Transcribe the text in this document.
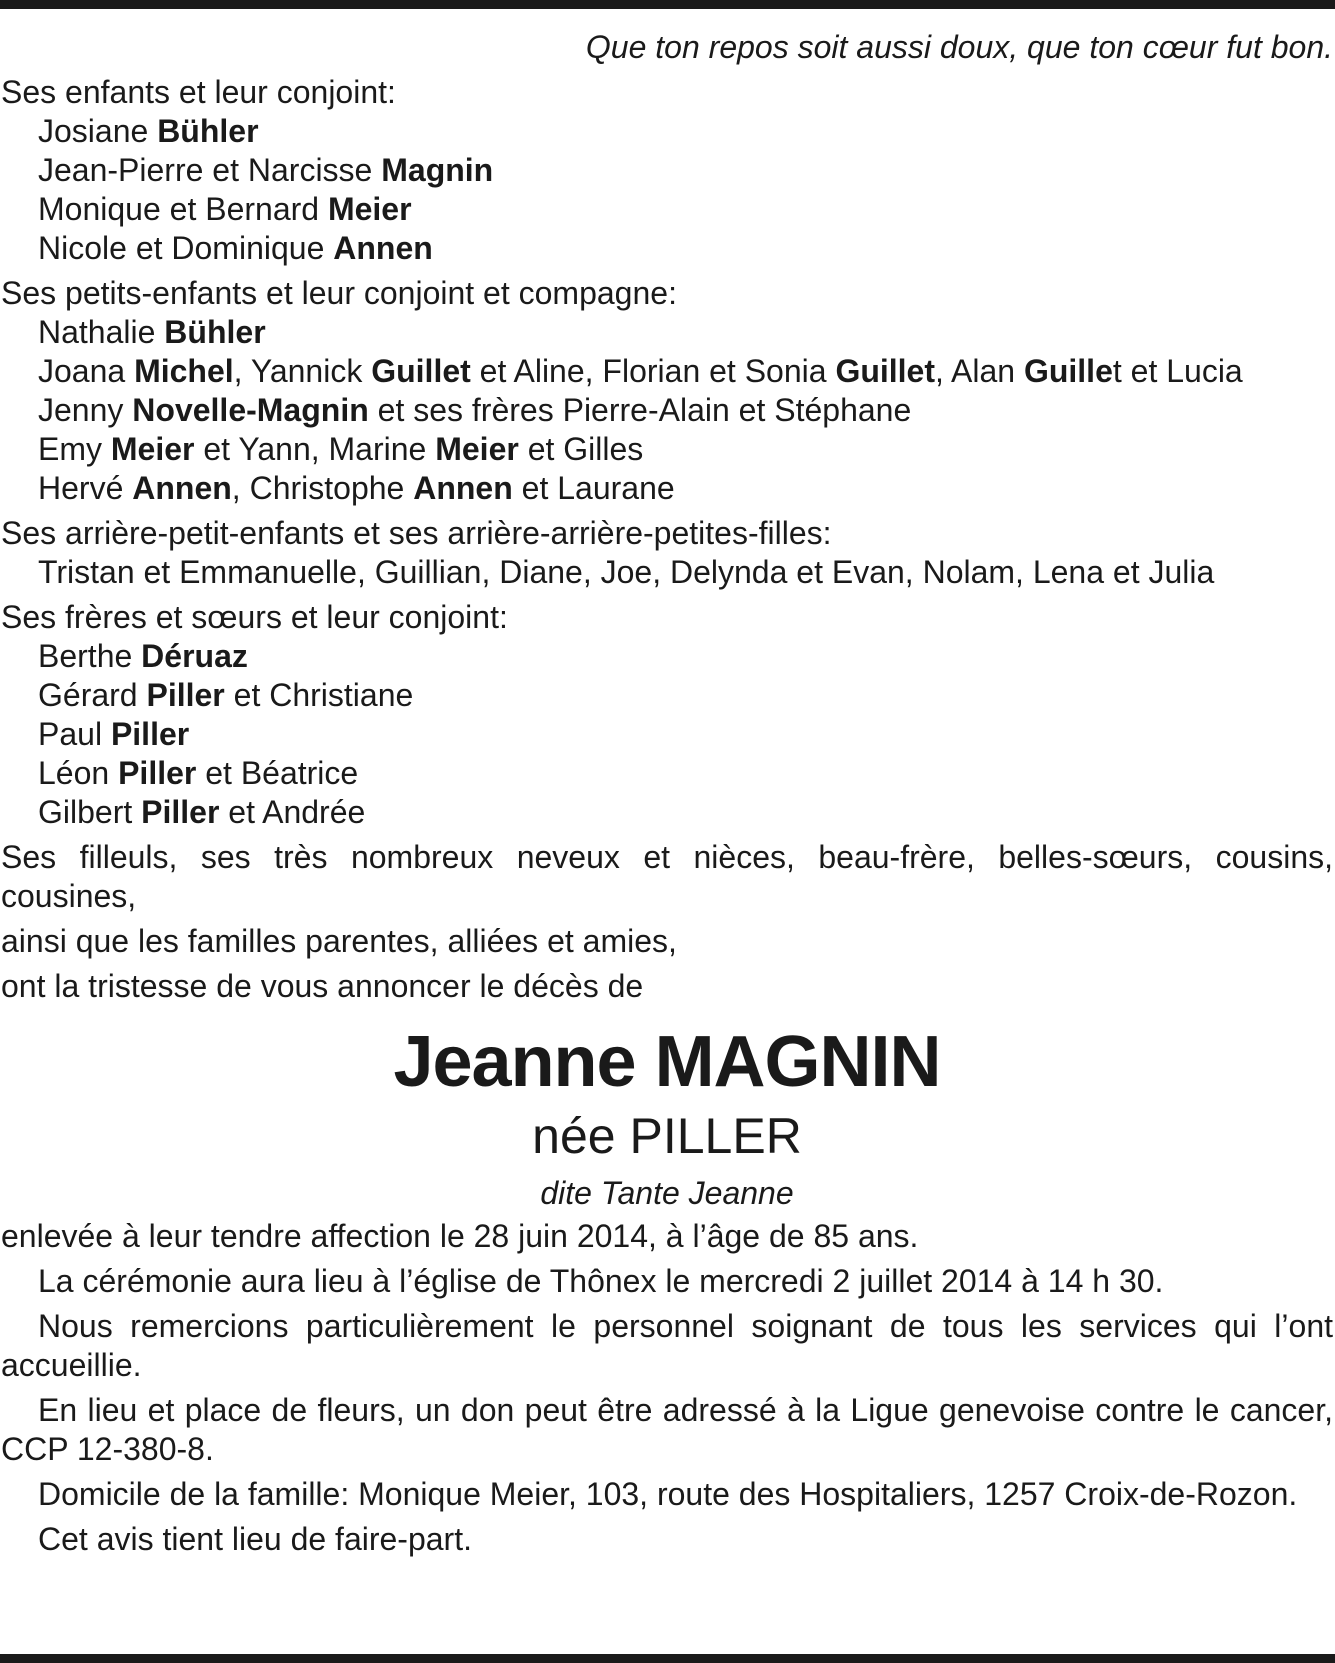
Que ton repos soit aussi doux, que ton cœur fut bon.

Ses enfants et leur conjoint:

Josiane Bühler
Jean-Pierre et Narcisse Magnin
Monique et Bernard Meier
Nicole et Dominique Annen

Ses petits-enfants et leur conjoint et compagne:

Nathalie Bühler
Joana Michel, Yannick Guillet et Aline, Florian et Sonia Guillet, Alan Guillet et Lucia
Jenny Novelle-Magnin et ses frères Pierre-Alain et Stéphane
Emy Meier et Yann, Marine Meier et Gilles
Hervé Annen, Christophe Annen et Laurane

Ses arrière-petit-enfants et ses arrière-arrière-petites-filles:

Tristan et Emmanuelle, Guillian, Diane, Joe, Delynda et Evan, Nolam, Lena et Julia

Ses frères et sœurs et leur conjoint:

Berthe Déruaz
Gérard Piller et Christiane
Paul Piller
Léon Piller et Béatrice
Gilbert Piller et Andrée
Ses filleuls, ses très nombreux neveux et nièces, beau-frère, belles-sœurs, cousins,
cousines,

ainsi que les familles parentes, alliées et amies,

ont la tristesse de vous annoncer le décès de

Jeanne MAGNIN
née PILLER
dite Tante Jeanne

enlevée à leur tendre affection le 28 juin 2014, à l’âge de 85 ans.

La cérémonie aura lieu à l’église de Thônex le mercredi 2 juillet 2014 à 14 h 30.

Nous remercions particulièrement le personnel soignant de tous les services qui l’ont accueillie.

En lieu et place de fleurs, un don peut être adressé à la Ligue genevoise contre le cancer, CCP 12-380-8.

Domicile de la famille: Monique Meier, 103, route des Hospitaliers, 1257 Croix-de-Rozon.

Cet avis tient lieu de faire-part.
